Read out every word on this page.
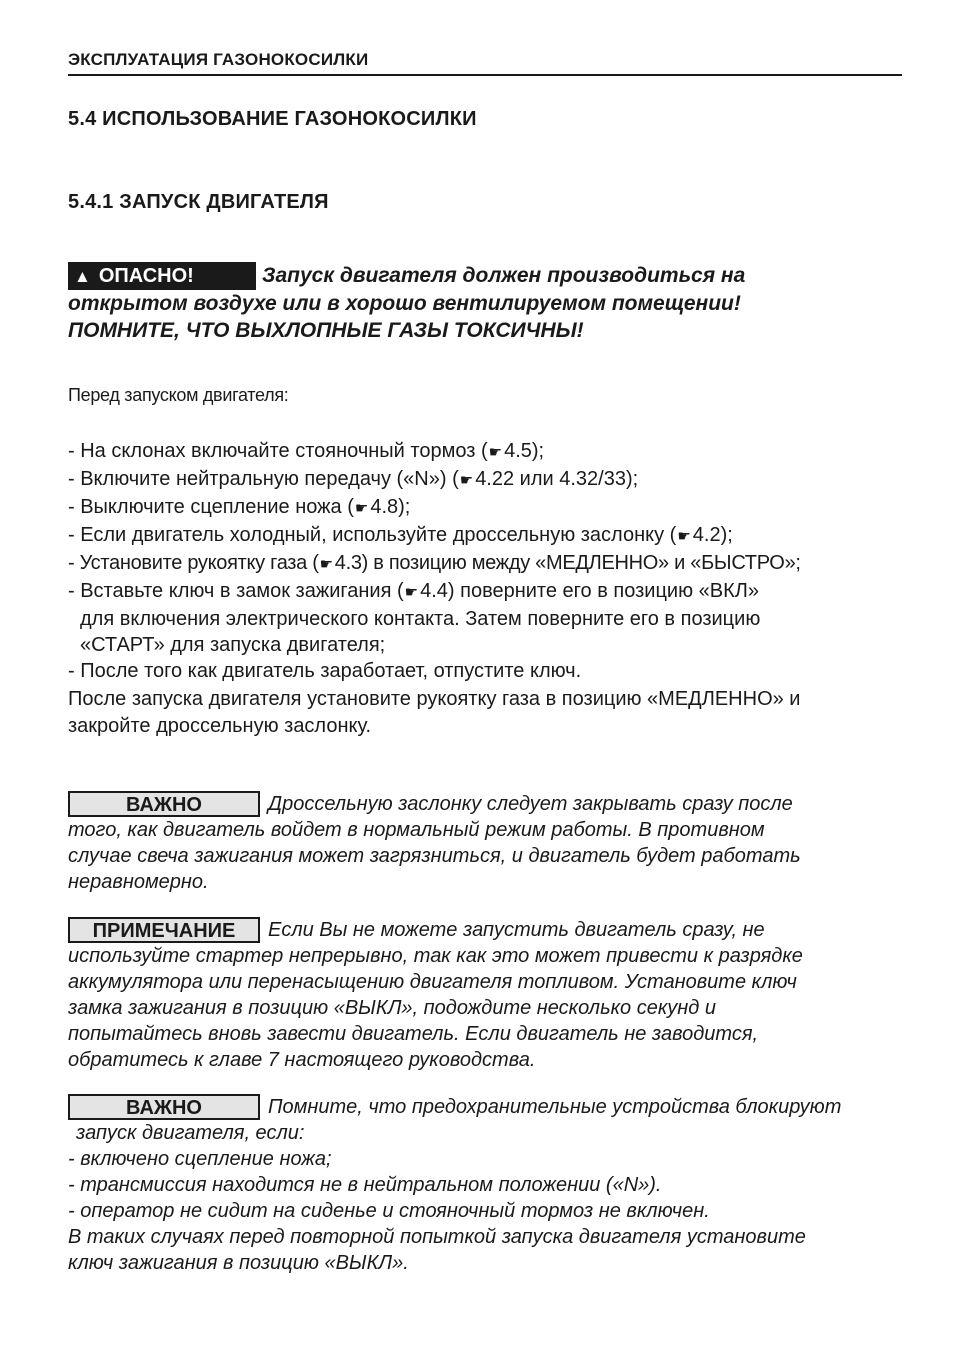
ЭКСПЛУАТАЦИЯ ГАЗОНОКОСИЛКИ
5.4 ИСПОЛЬЗОВАНИЕ ГАЗОНОКОСИЛКИ
5.4.1 ЗАПУСК ДВИГАТЕЛЯ
▲ ОПАСНО!	Запуск двигателя должен производиться на
открытом воздухе или в хорошо вентилируемом помещении!
ПОМНИТЕ, ЧТО ВЫХЛОПНЫЕ ГАЗЫ ТОКСИЧНЫ!
Перед запуском двигателя:
- На склонах включайте стояночный тормоз (☛ 4.5);
- Включите нейтральную передачу («N») (☛ 4.22 или 4.32/33);
- Выключите сцепление ножа (☛ 4.8);
- Если двигатель холодный, используйте дроссельную заслонку (☛ 4.2);
- Установите рукоятку газа (☛ 4.3) в позицию между «МЕДЛЕННО» и «БЫСТРО»;
- Вставьте ключ в замок зажигания (☛ 4.4) поверните его в позицию «ВКЛ»
для включения электрического контакта. Затем поверните его в позицию
«СТАРТ» для запуска двигателя;
- После того как двигатель заработает, отпустите ключ.
После запуска двигателя установите рукоятку газа в позицию «МЕДЛЕННО» и
закройте дроссельную заслонку.
ВАЖНО	Дроссельную заслонку следует закрывать сразу после
того, как двигатель войдет в нормальный режим работы. В противном
случае свеча зажигания может загрязниться, и двигатель будет работать
неравномерно.
ПРИМЕЧАНИЕ Если Вы не можете запустить двигатель сразу, не
используйте стартер непрерывно, так как это может привести к разрядке
аккумулятора или перенасыщению двигателя топливом. Установите ключ
замка зажигания в позицию «ВЫКЛ», подождите несколько секунд и
попытайтесь вновь завести двигатель. Если двигатель не заводится,
обратитесь к главе 7 настоящего руководства.
ВАЖНО	Помните, что предохранительные устройства блокируют
запуск двигателя, если:
- включено сцепление ножа;
- трансмиссия находится не в нейтральном положении («N»).
- оператор не сидит на сиденье и стояночный тормоз не включен.
В таких случаях перед повторной попыткой запуска двигателя установите
ключ зажигания в позицию «ВЫКЛ».
